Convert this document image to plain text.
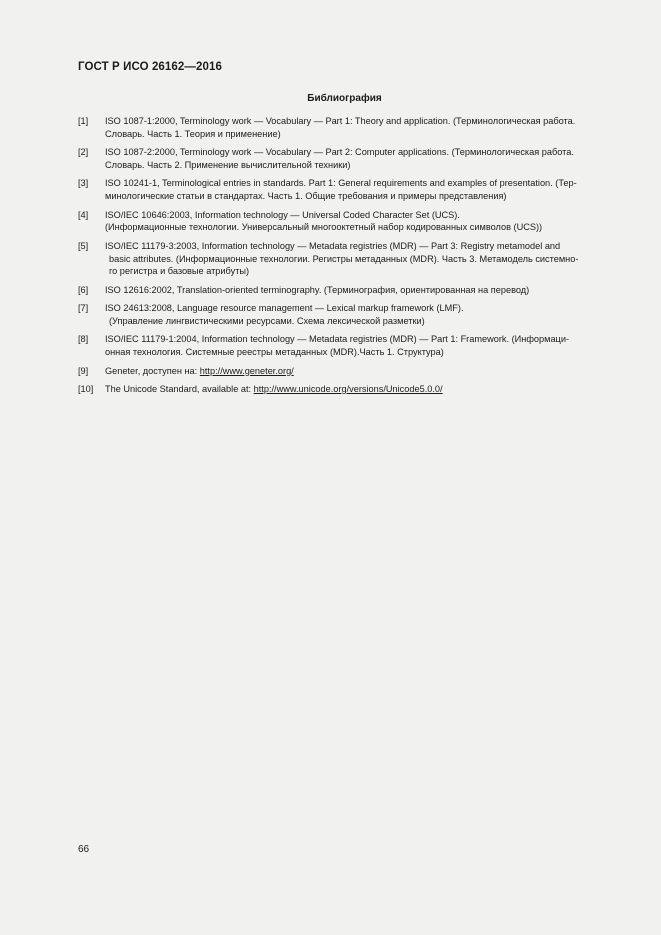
ГОСТ Р ИСО 26162—2016
Библиография
[1]	ISO 1087-1:2000, Terminology work — Vocabulary — Part 1: Theory and application. (Терминологическая работа.
Словарь. Часть 1. Теория и применение)
[2]	ISO 1087-2:2000, Terminology work — Vocabulary — Part 2: Computer applications. (Терминологическая работа.
Словарь. Часть 2. Применение вычислительной техники)
[3]	ISO 10241-1, Terminological entries in standards. Part 1: General requirements and examples of presentation. (Тер-
минологические статьи в стандартах. Часть 1. Общие требования и примеры представления)
[4]	ISO/IEC 10646:2003, Information technology — Universal Coded Character Set (UCS).
(Информационные технологии. Универсальный многооктетный набор кодированных символов (UCS))
[5]	ISO/IEC 11179-3:2003, Information technology — Metadata registries (MDR) — Part 3: Registry metamodel and
basic attributes. (Информационные технологии. Регистры метаданных (MDR). Часть 3. Метамодель системно-
го регистра и базовые атрибуты)
[6]	ISO 12616:2002, Translation-oriented terminography. (Терминография, ориентированная на перевод)
[7]	ISO 24613:2008, Language resource management — Lexical markup framework (LMF).
(Управление лингвистическими ресурсами. Схема лексической разметки)
[8]	ISO/IEC 11179-1:2004, Information technology — Metadata registries (MDR) — Part 1: Framework. (Информаци-
онная технология. Системные реестры метаданных (MDR).Часть 1. Структура)
[9]	Geneter, доступен на: http://www.geneter.org/
[10]	The Unicode Standard, available at: http://www.unicode.org/versions/Unicode5.0.0/
66
